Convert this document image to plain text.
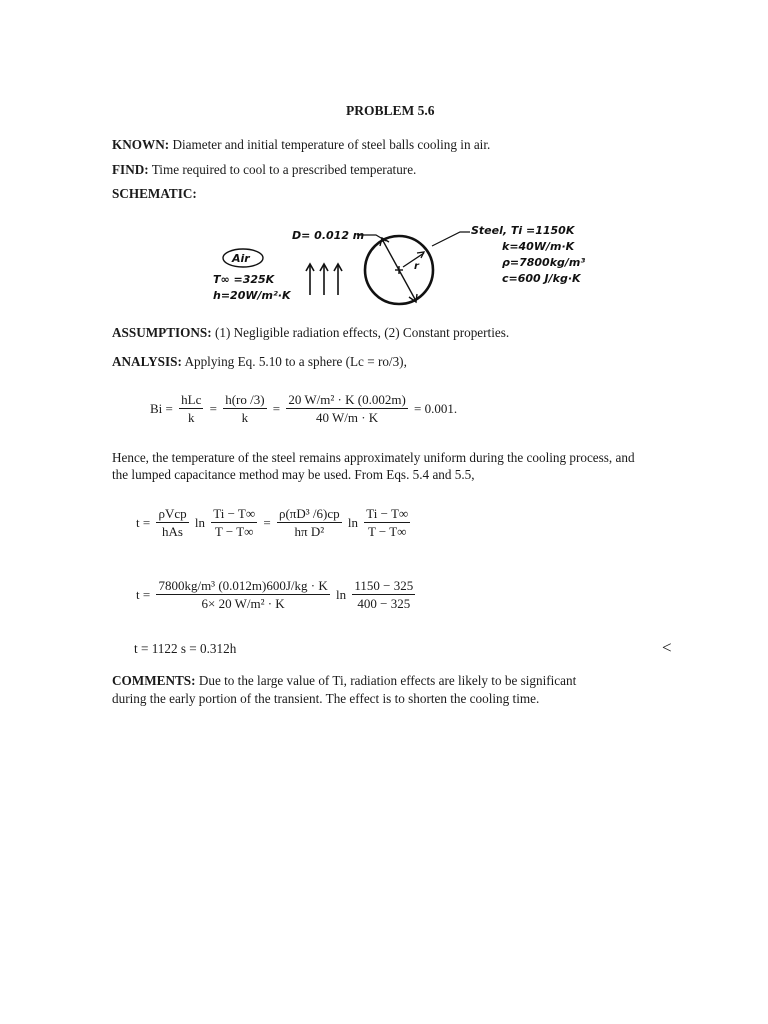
PROBLEM 5.6
KNOWN: Diameter and initial temperature of steel balls cooling in air.
FIND: Time required to cool to a prescribed temperature.
SCHEMATIC:
Air
T∞ =325K
h=20W/m²·K
r
D= 0.012 m	Steel, Ti =1150K
k=40W/m·K
ρ=7800kg/m³
c=600 J/kg·K
ASSUMPTIONS: (1) Negligible radiation effects, (2) Constant properties.
ANALYSIS: Applying Eq. 5.10 to a sphere (Lc = ro/3),
$Bi = \frac{\text{hLc}}{k} = \frac{h(ro /3)}{k} = \frac{\text{20 W/m² · K (0.002m)}}{40 W/m \cdot K} = 0.001$.
Hence, the temperature of the steel remains approximately uniform during the cooling process, and the lumped capacitance method may be used. From Eqs. 5.4 and 5.5,
$t = \frac{\text{ρVcp}}{\text{hAs}}$ $\ln \frac{Ti - T\infty}{T - T\infty} = \frac{\text{ρ(πD³ /6)cp}}{\text{hπ D²}}$ $\ln \frac{Ti - T\infty}{T - T\infty}$
$t = \frac{\text{7800kg/m³ (0.012m)600J/kg · K}}{\text{6× 20 W/m² · K}}$ $\ln \frac{1150 - 325}{400 - 325}$
t = 1122 s = 0.312h	<
COMMENTS: Due to the large value of Ti, radiation effects are likely to be significant
during the early portion of the transient. The effect is to shorten the cooling time.
